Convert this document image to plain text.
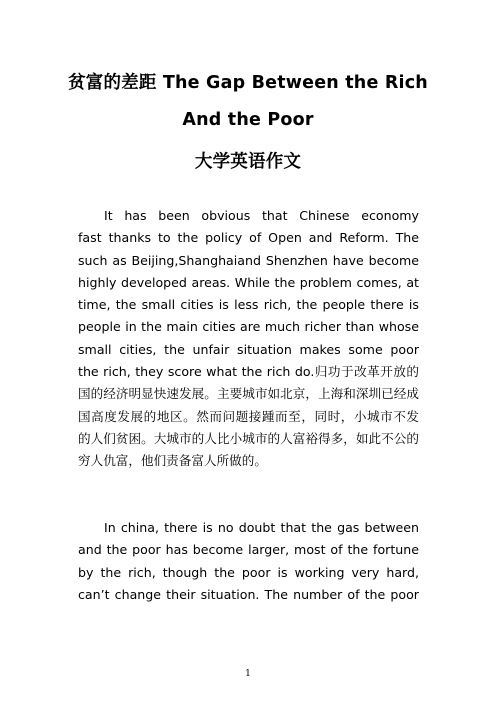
贫富的差距 The Gap Between the Rich
And the Poor
大学英语作文
It has been obvious that Chinese economy
fast thanks to the policy of Open and Reform. The
such as Beijing,Shanghaiand Shenzhen have become
highly developed areas. While the problem comes, at
time, the small cities is less rich, the people there is
people in the main cities are much richer than whose
small cities, the unfair situation makes some poor
the rich, they score what the rich do.归功于改革开放的
国的经济明显快速发展。主要城市如北京，上海和深圳已经成
国高度发展的地区。然而问题接踵而至，同时，小城市不发
的人们贫困。大城市的人比小城市的人富裕得多，如此不公的
穷人仇富，他们责备富人所做的。
In china, there is no doubt that the gas between
and the poor has become larger, most of the fortune
by the rich, though the poor is working very hard,
can’t change their situation. The number of the poor
1
